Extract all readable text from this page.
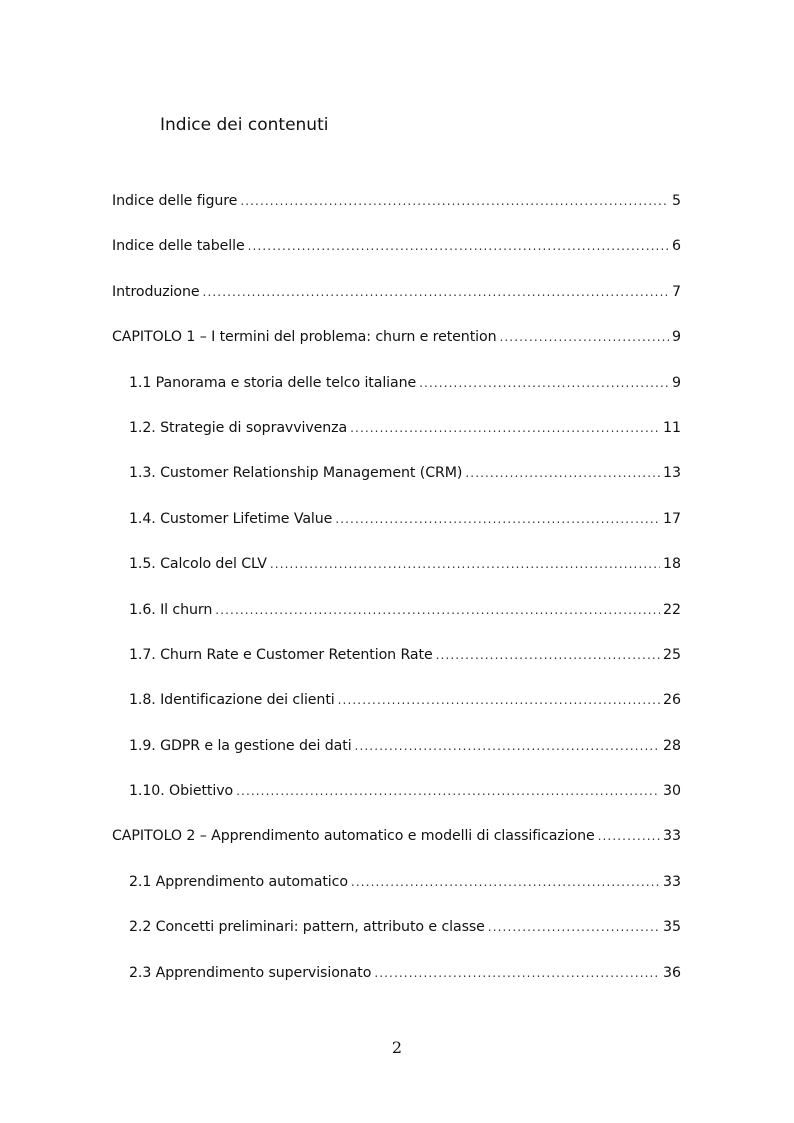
Indice dei contenuti
Indice delle figure .....	5
Indice delle tabelle .....	6
Introduzione .....	7
CAPITOLO 1 – I termini del problema: churn e retention .....	9
1.1 Panorama e storia delle telco italiane .....	9
1.2. Strategie di sopravvivenza .....	11
1.3. Customer Relationship Management (CRM) .....	13
1.4. Customer Lifetime Value .....	17
1.5. Calcolo del CLV .....	18
1.6. Il churn .....	22
1.7. Churn Rate e Customer Retention Rate .....	25
1.8. Identificazione dei clienti .....	26
1.9. GDPR e la gestione dei dati .....	28
1.10. Obiettivo .....	30
CAPITOLO 2 – Apprendimento automatico e modelli di classificazione .....	33
2.1 Apprendimento automatico .....	33
2.2 Concetti preliminari: pattern, attributo e classe .....	35
2.3 Apprendimento supervisionato .....	36
2
